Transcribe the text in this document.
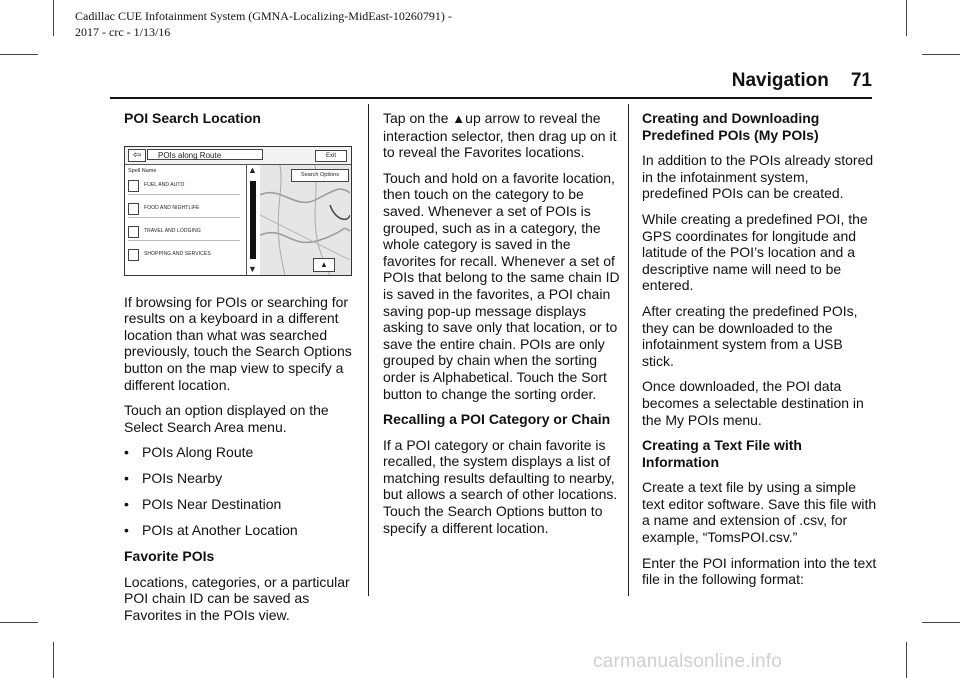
Cadillac CUE Infotainment System (GMNA-Localizing-MidEast-10260791) -
2017 - crc - 1/13/16
Navigation 71
POI Search Location
⇦	POIs along Route	Exit
Spell Name
FUEL AND AUTO
FOOD AND NIGHTLIFE
TRAVEL AND LODGING
SHOPPING AND SERVICES
▲
▼
Search Options
▲

If browsing for POIs or searching for results on a keyboard in a different location than what was searched previously, touch the Search Options button on the map view to specify a different location.

Touch an option displayed on the Select Search Area menu.

• POIs Along Route
• POIs Nearby
• POIs Near Destination
• POIs at Another Location
Favorite POIs

Locations, categories, or a particular POI chain ID can be saved as Favorites in the POIs view.

Tap on the ▲up arrow to reveal the interaction selector, then drag up on it to reveal the Favorites locations.

Touch and hold on a favorite location, then touch on the category to be saved. Whenever a set of POIs is grouped, such as in a category, the whole category is saved in the favorites for recall. Whenever a set of POIs that belong to the same chain ID is saved in the favorites, a POI chain saving pop-up message displays asking to save only that location, or to save the entire chain. POIs are only grouped by chain when the sorting order is Alphabetical. Touch the Sort button to change the sorting order.

Recalling a POI Category or Chain

If a POI category or chain favorite is recalled, the system displays a list of matching results defaulting to nearby, but allows a search of other locations. Touch the Search Options button to specify a different location.

Creating and Downloading Predefined POIs (My POIs)

In addition to the POIs already stored in the infotainment system, predefined POIs can be created.

While creating a predefined POI, the GPS coordinates for longitude and latitude of the POI’s location and a descriptive name will need to be entered.

After creating the predefined POIs, they can be downloaded to the infotainment system from a USB stick.

Once downloaded, the POI data becomes a selectable destination in the My POIs menu.

Creating a Text File with Information

Create a text file by using a simple text editor software. Save this file with a name and extension of .csv, for example, “TomsPOI.csv.”

Enter the POI information into the text file in the following format:

carmanualsonline.info
